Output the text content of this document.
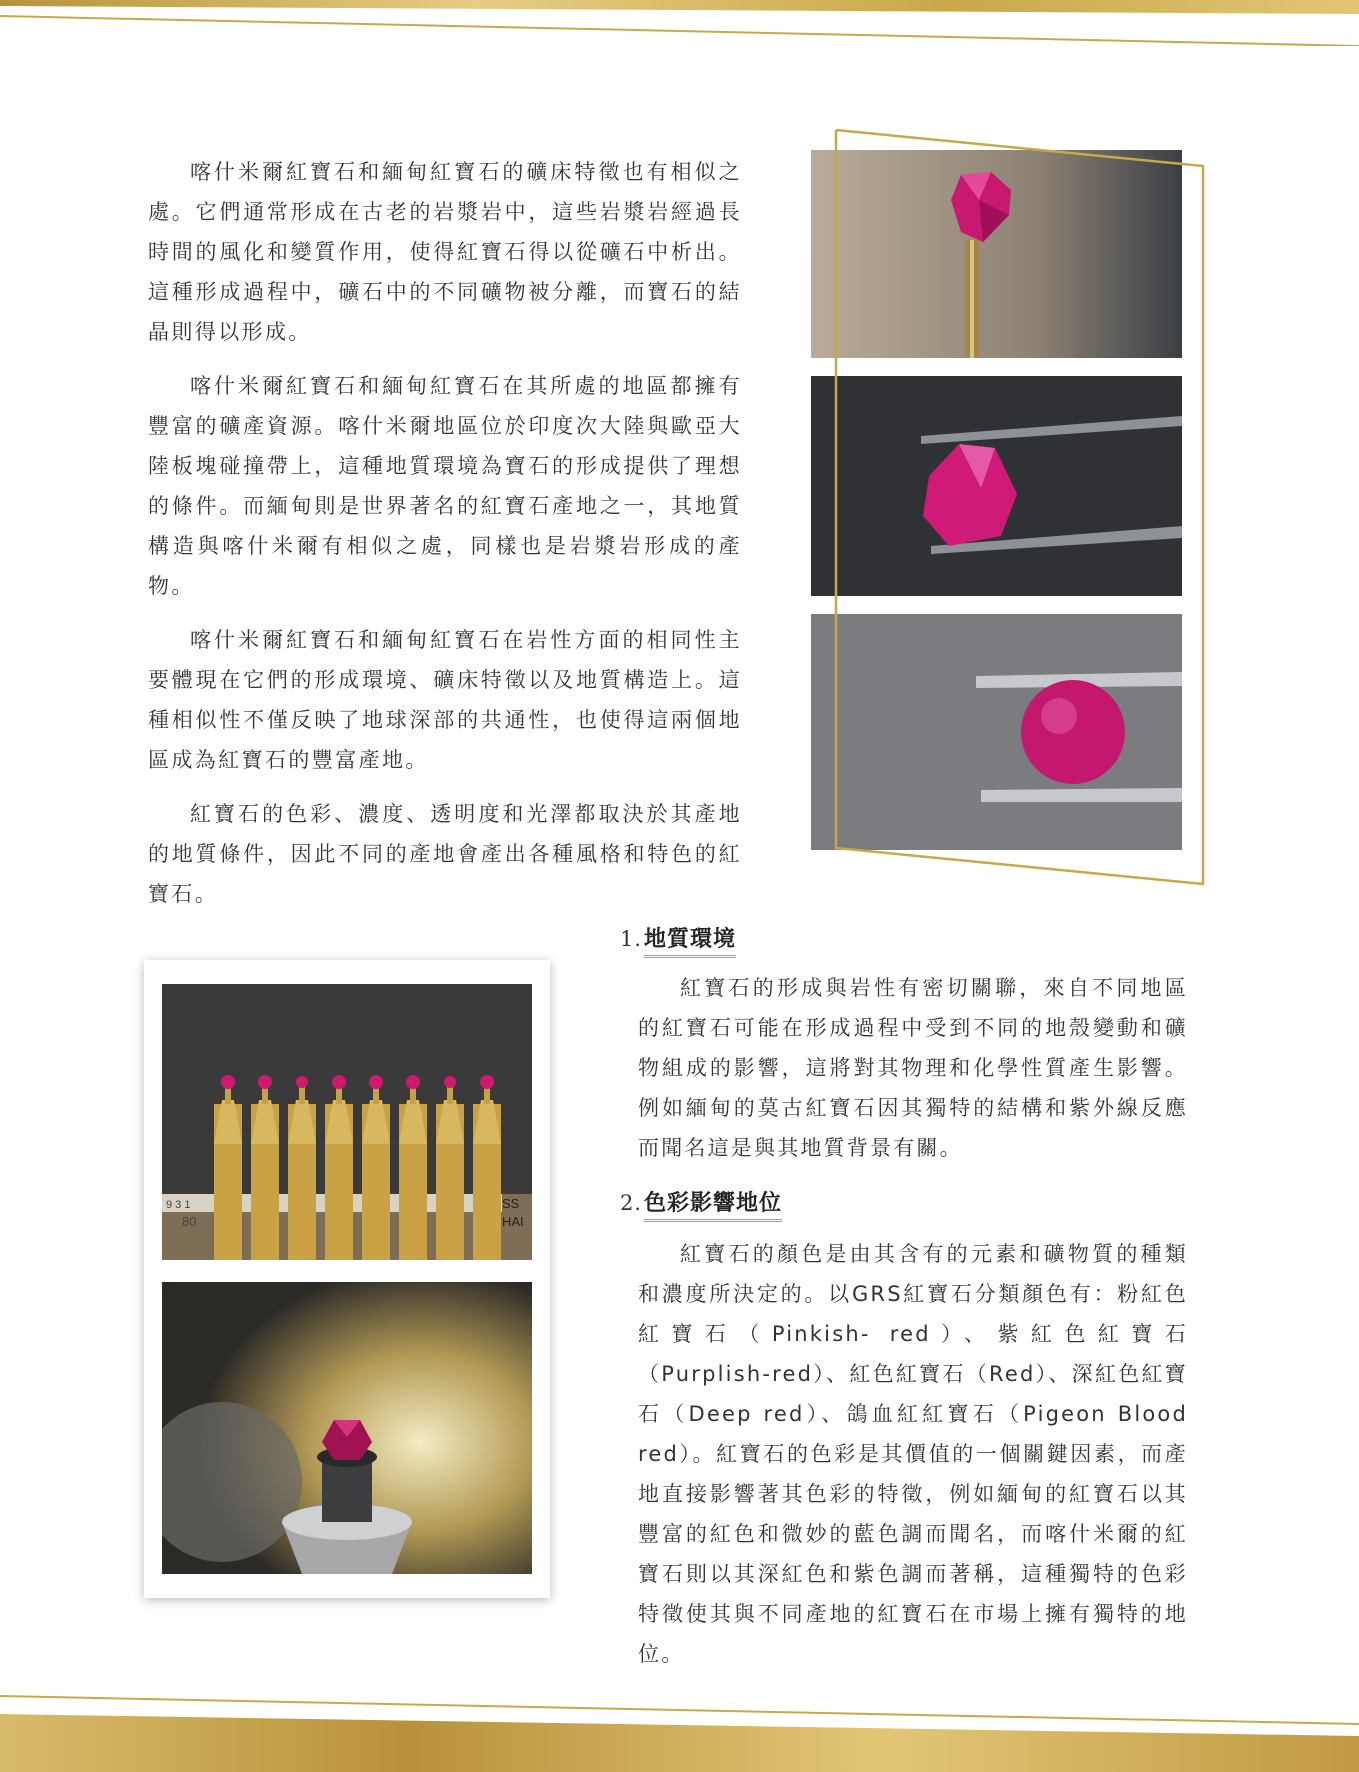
喀什米爾紅寶石和緬甸紅寶石的礦床特徵也有相似之處。它們通常形成在古老的岩漿岩中，這些岩漿岩經過長時間的風化和變質作用，使得紅寶石得以從礦石中析出。這種形成過程中，礦石中的不同礦物被分離，而寶石的結晶則得以形成。

喀什米爾紅寶石和緬甸紅寶石在其所處的地區都擁有豐富的礦產資源。喀什米爾地區位於印度次大陸與歐亞大陸板塊碰撞帶上，這種地質環境為寶石的形成提供了理想的條件。而緬甸則是世界著名的紅寶石產地之一，其地質構造與喀什米爾有相似之處，同樣也是岩漿岩形成的產物。

喀什米爾紅寶石和緬甸紅寶石在岩性方面的相同性主要體現在它們的形成環境、礦床特徵以及地質構造上。這種相似性不僅反映了地球深部的共通性，也使得這兩個地區成為紅寶石的豐富產地。

紅寶石的色彩、濃度、透明度和光澤都取決於其產地的地質條件，因此不同的產地會產出各種風格和特色的紅寶石。

9 3 1
80
SS
HAI
1.地質環境

紅寶石的形成與岩性有密切關聯，來自不同地區的紅寶石可能在形成過程中受到不同的地殼變動和礦物組成的影響，這將對其物理和化學性質產生影響。例如緬甸的莫古紅寶石因其獨特的結構和紫外線反應而聞名這是與其地質背景有關。

2.色彩影響地位

紅寶石的顏色是由其含有的元素和礦物質的種類和濃度所決定的。以GRS紅寶石分類顏色有：粉紅色紅寶石（Pinkish- red）、紫紅色紅寶石（Purplish-red）、紅色紅寶石（Red）、深紅色紅寶石（Deep red）、鴿血紅紅寶石（Pigeon Blood red）。紅寶石的色彩是其價值的一個關鍵因素，而產地直接影響著其色彩的特徵，例如緬甸的紅寶石以其豐富的紅色和微妙的藍色調而聞名，而喀什米爾的紅寶石則以其深紅色和紫色調而著稱，這種獨特的色彩特徵使其與不同產地的紅寶石在市場上擁有獨特的地位。
